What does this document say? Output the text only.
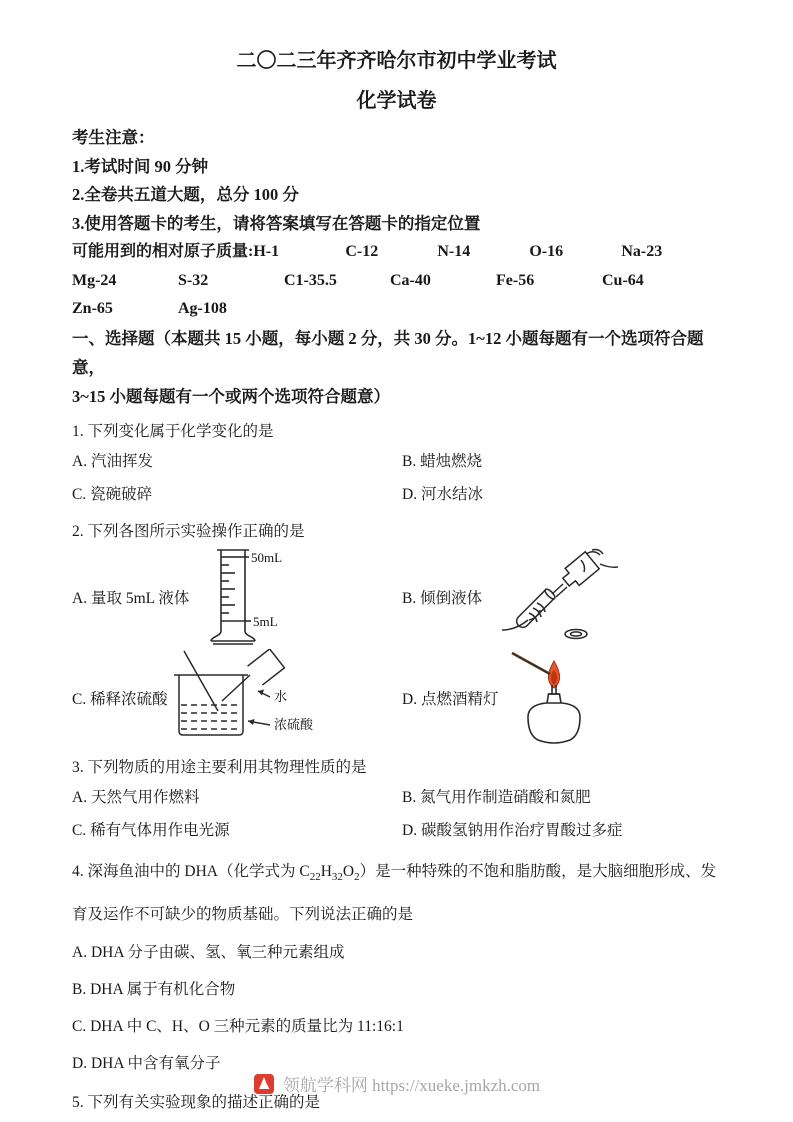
二〇二三年齐齐哈尔市初中学业考试
化学试卷
考生注意：
1.考试时间 90 分钟
2.全卷共五道大题，总分 100 分
3.使用答题卡的考生，请将答案填写在答题卡的指定位置
可能用到的相对原子质量: H-1	C-12	N-14	O-16	Na-23
Mg-24	S-32	C1-35.5	Ca-40	Fe-56	Cu-64
Zn-65	Ag-108
一、选择题（本题共 15 小题，每小题 2 分，共 30 分。1~12 小题每题有一个选项符合题意，
3~15 小题每题有一个或两个选项符合题意）
1. 下列变化属于化学变化的是
A. 汽油挥发	B. 蜡烛燃烧
C. 瓷碗破碎	D. 河水结冰
2. 下列各图所示实验操作正确的是
A. 量取 5mL 液体
50mL
5mL
B. 倾倒液体
C. 稀释浓硫酸	水
浓硫酸
D. 点燃酒精灯
3. 下列物质的用途主要利用其物理性质的是
A. 天然气用作燃料	B. 氮气用作制造硝酸和氮肥
C. 稀有气体用作电光源	D. 碳酸氢钠用作治疗胃酸过多症
4. 深海鱼油中的 DHA（化学式为 $C_{22}H_{32}O_2$）是一种特殊的不饱和脂肪酸，是大脑细胞形成、发育及运作不可缺少的物质基础。下列说法正确的是
A. DHA 分子由碳、氢、氧三种元素组成
B. DHA 属于有机化合物
C. DHA 中 C、H、O 三种元素的质量比为 11:16:1
D. DHA 中含有氧分子
5. 下列有关实验现象的描述正确的是
领航学科网 https://xueke.jmkzh.com
